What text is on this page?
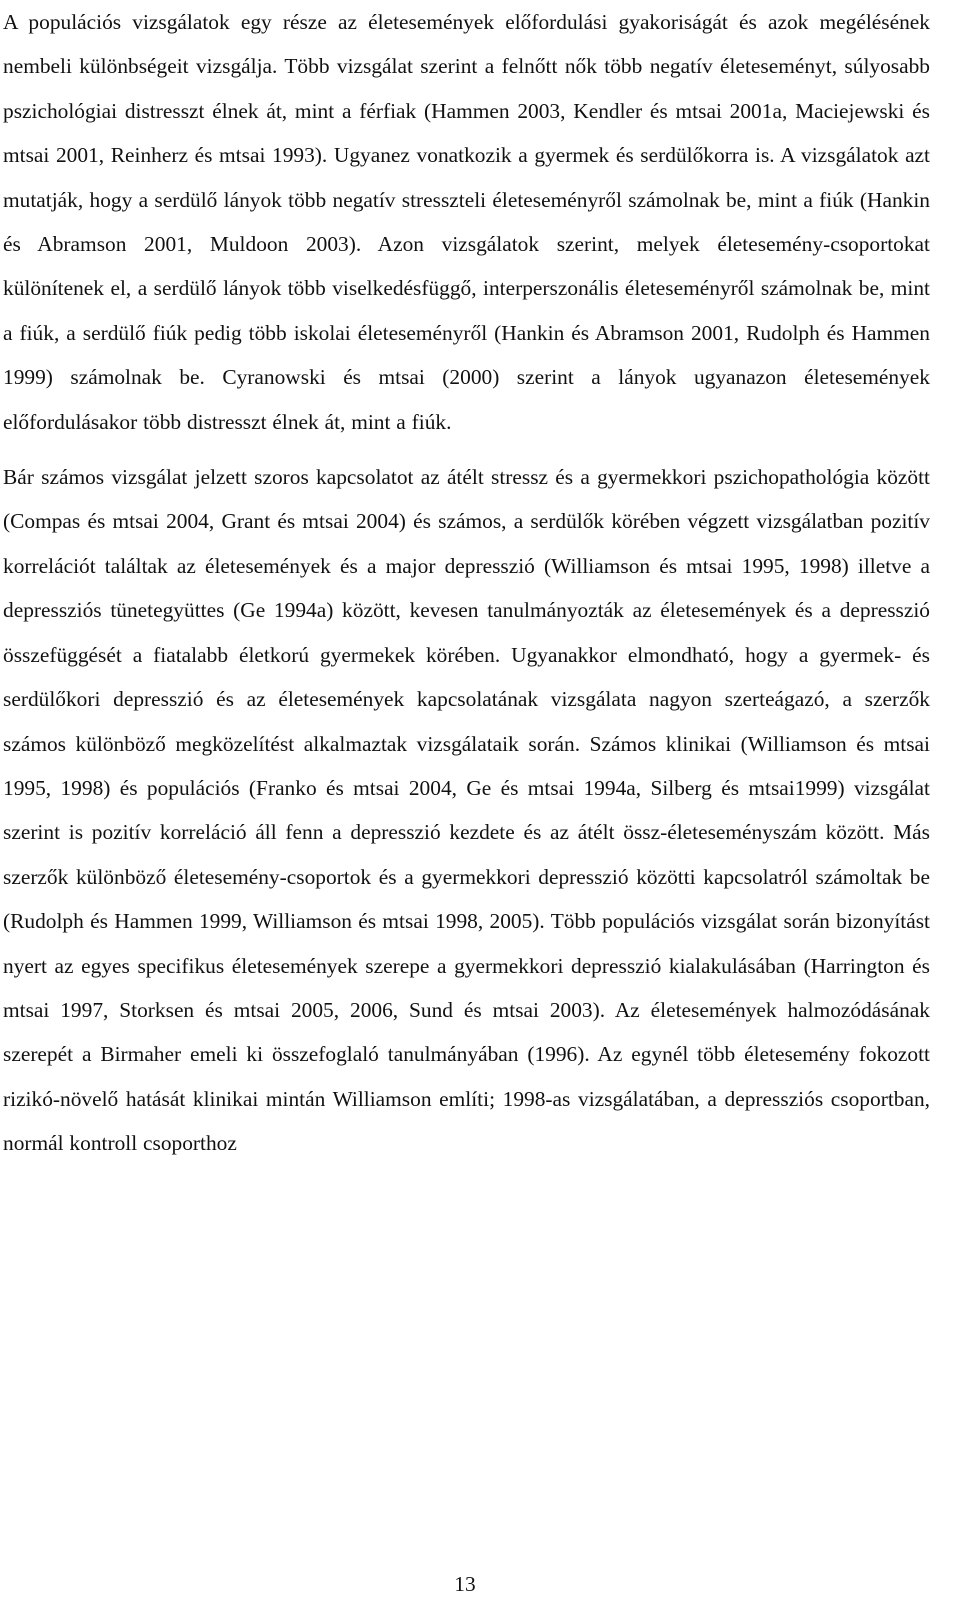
A populációs vizsgálatok egy része az életesemények előfordulási gyakoriságát és azok megélésének nembeli különbségeit vizsgálja. Több vizsgálat szerint a felnőtt nők több negatív életeseményt, súlyosabb pszichológiai distresszt élnek át, mint a férfiak (Hammen 2003, Kendler és mtsai 2001a, Maciejewski és mtsai 2001, Reinherz és mtsai 1993). Ugyanez vonatkozik a gyermek és serdülőkorra is. A vizsgálatok azt mutatják, hogy a serdülő lányok több negatív stresszteli életeseményről számolnak be, mint a fiúk (Hankin és Abramson 2001, Muldoon 2003). Azon vizsgálatok szerint, melyek életesemény-csoportokat különítenek el, a serdülő lányok több viselkedésfüggő, interperszonális életeseményről számolnak be, mint a fiúk, a serdülő fiúk pedig több iskolai életeseményről (Hankin és Abramson 2001, Rudolph és Hammen 1999) számolnak be. Cyranowski és mtsai (2000) szerint a lányok ugyanazon életesemények előfordulásakor több distresszt élnek át, mint a fiúk.

Bár számos vizsgálat jelzett szoros kapcsolatot az átélt stressz és a gyermekkori pszichopathológia között (Compas és mtsai 2004, Grant és mtsai 2004) és számos, a serdülők körében végzett vizsgálatban pozitív korrelációt találtak az életesemények és a major depresszió (Williamson és mtsai 1995, 1998) illetve a depressziós tünetegyüttes (Ge 1994a) között, kevesen tanulmányozták az életesemények és a depresszió összefüggését a fiatalabb életkorú gyermekek körében. Ugyanakkor elmondható, hogy a gyermek- és serdülőkori depresszió és az életesemények kapcsolatának vizsgálata nagyon szerteágazó, a szerzők számos különböző megközelítést alkalmaztak vizsgálataik során. Számos klinikai (Williamson és mtsai 1995, 1998) és populációs (Franko és mtsai 2004, Ge és mtsai 1994a, Silberg és mtsai1999) vizsgálat szerint is pozitív korreláció áll fenn a depresszió kezdete és az átélt össz-életeseményszám között. Más szerzők különböző életesemény-csoportok és a gyermekkori depresszió közötti kapcsolatról számoltak be (Rudolph és Hammen 1999, Williamson és mtsai 1998, 2005). Több populációs vizsgálat során bizonyítást nyert az egyes specifikus életesemények szerepe a gyermekkori depresszió kialakulásában (Harrington és mtsai 1997, Storksen és mtsai 2005, 2006, Sund és mtsai 2003). Az életesemények halmozódásának szerepét a Birmaher emeli ki összefoglaló tanulmányában (1996). Az egynél több életesemény fokozott rizikó-növelő hatását klinikai mintán Williamson említi; 1998-as vizsgálatában, a depressziós csoportban, normál kontroll csoporthoz

13
